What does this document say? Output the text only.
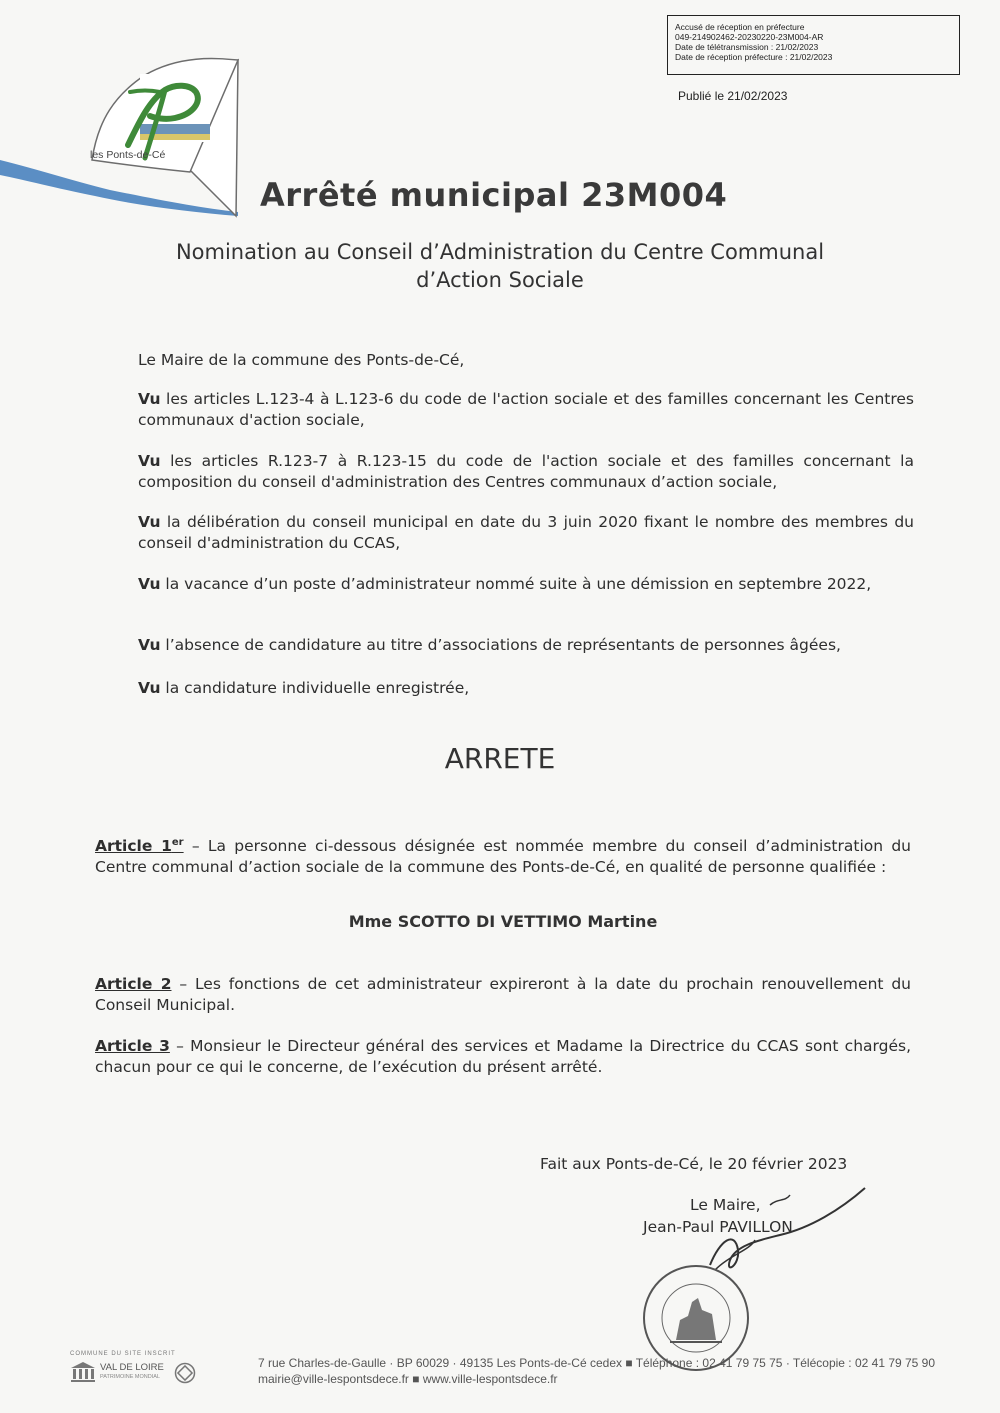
les Ponts-de-Cé
Accusé de réception en préfecture
049-214902462-20230220-23M004-AR
Date de télétransmission : 21/02/2023
Date de réception préfecture : 21/02/2023
Publié le 21/02/2023
Arrêté municipal 23M004
Nomination au Conseil d’Administration du Centre Communal
d’Action Sociale
Le Maire de la commune des Ponts-de-Cé,
Vu les articles L.123-4 à L.123-6 du code de l'action sociale et des familles concernant les Centres communaux d'action sociale,
Vu les articles R.123-7 à R.123-15 du code de l'action sociale et des familles concernant la composition du conseil d'administration des Centres communaux d’action sociale,
Vu la délibération du conseil municipal en date du 3 juin 2020 fixant le nombre des membres du conseil d'administration du CCAS,
Vu la vacance d’un poste d’administrateur nommé suite à une démission en septembre 2022,
Vu l’absence de candidature au titre d’associations de représentants de personnes âgées,
Vu la candidature individuelle enregistrée,
ARRETE
Article 1er – La personne ci-dessous désignée est nommée membre du conseil d’administration du Centre communal d’action sociale de la commune des Ponts-de-Cé, en qualité de personne qualifiée :
Mme SCOTTO DI VETTIMO Martine
Article 2 – Les fonctions de cet administrateur expireront à la date du prochain renouvellement du Conseil Municipal.
Article 3 – Monsieur le Directeur général des services et Madame la Directrice du CCAS sont chargés, chacun pour ce qui le concerne, de l’exécution du présent arrêté.
Fait aux Ponts-de-Cé, le 20 février 2023
Le Maire,
Jean-Paul PAVILLON
COMMUNE DU SITE INSCRIT
VAL DE LOIRE
PATRIMOINE MONDIAL
7 rue Charles-de-Gaulle · BP 60029 · 49135 Les Ponts-de-Cé cedex ■ Téléphone : 02 41 79 75 75 · Télécopie : 02 41 79 75 90
mairie@ville-lespontsdece.fr ■ www.ville-lespontsdece.fr
